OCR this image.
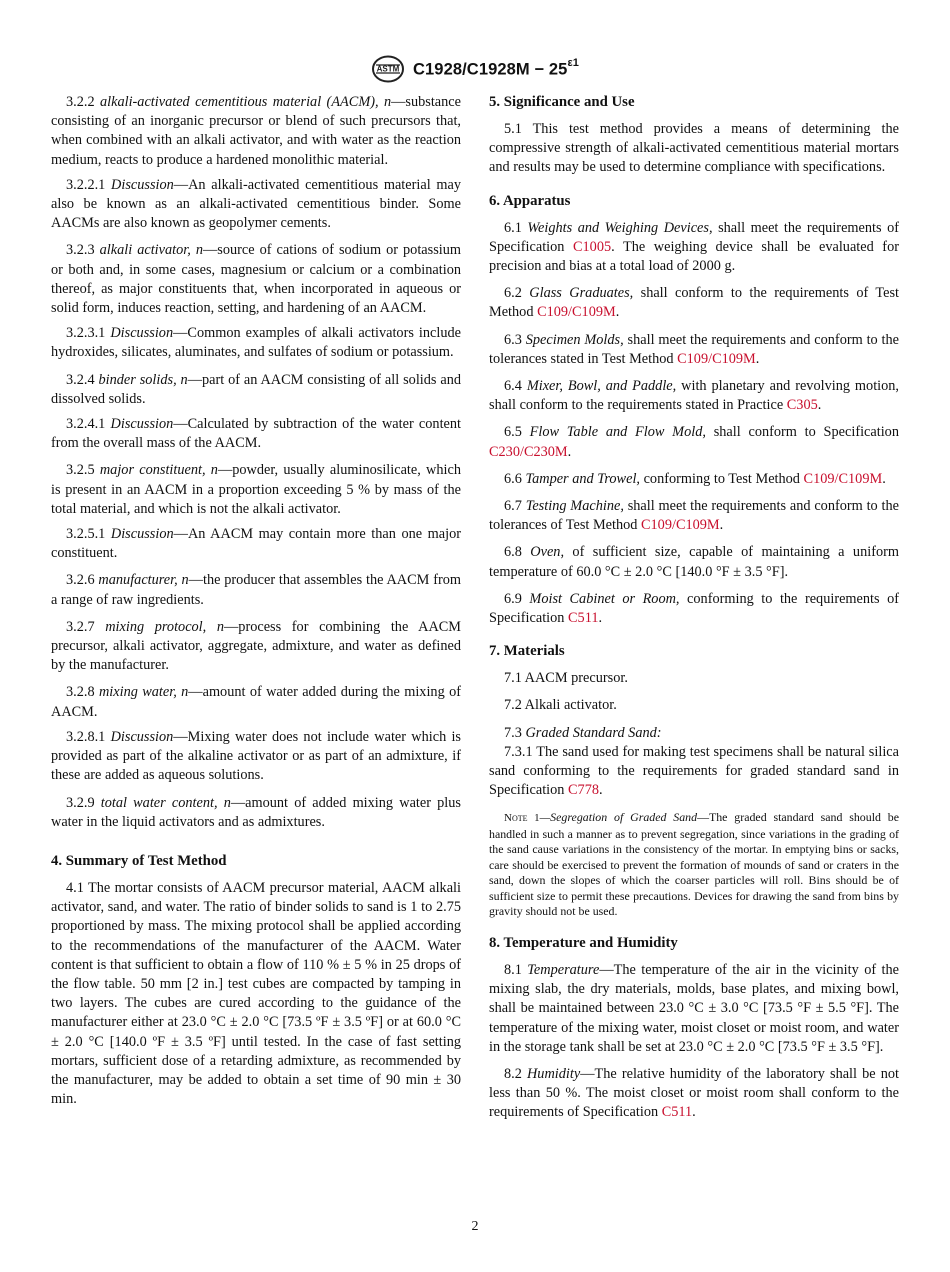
ASTM $C1928/C1928M - 25^{\varepsilon 1}$

3.2.2 alkali-activated cementitious material (AACM), n—substance consisting of an inorganic precursor or blend of such precursors that, when combined with an alkali activator, and with water as the reaction medium, reacts to produce a hardened monolithic material.

3.2.2.1 Discussion—An alkali-activated cementitious material may also be known as an alkali-activated cementitious binder. Some AACMs are also known as geopolymer cements.

3.2.3 alkali activator, n—source of cations of sodium or potassium or both and, in some cases, magnesium or calcium or a combination thereof, as major constituents that, when incorporated in aqueous or solid form, induces reaction, setting, and hardening of an AACM.

3.2.3.1 Discussion—Common examples of alkali activators include hydroxides, silicates, aluminates, and sulfates of sodium or potassium.

3.2.4 binder solids, n—part of an AACM consisting of all solids and dissolved solids.

3.2.4.1 Discussion—Calculated by subtraction of the water content from the overall mass of the AACM.

3.2.5 major constituent, n—powder, usually aluminosilicate, which is present in an AACM in a proportion exceeding 5 % by mass of the total material, and which is not the alkali activator.

3.2.5.1 Discussion—An AACM may contain more than one major constituent.

3.2.6 manufacturer, n—the producer that assembles the AACM from a range of raw ingredients.

3.2.7 mixing protocol, n—process for combining the AACM precursor, alkali activator, aggregate, admixture, and water as defined by the manufacturer.

3.2.8 mixing water, n—amount of water added during the mixing of AACM.

3.2.8.1 Discussion—Mixing water does not include water which is provided as part of the alkaline activator or as part of an admixture, if these are added as aqueous solutions.

3.2.9 total water content, n—amount of added mixing water plus water in the liquid activators and as admixtures.

4. Summary of Test Method

4.1 The mortar consists of AACM precursor material, AACM alkali activator, sand, and water. The ratio of binder solids to sand is 1 to 2.75 proportioned by mass. The mixing protocol shall be applied according to the recommendations of the manufacturer of the AACM. Water content is that sufficient to obtain a flow of 110 % ± 5 % in 25 drops of the flow table. 50 mm [2 in.] test cubes are compacted by tamping in two layers. The cubes are cured according to the guidance of the manufacturer either at 23.0 °C ± 2.0 °C [73.5 ºF ± 3.5 ºF] or at 60.0 °C ± 2.0 °C [140.0 ºF ± 3.5 ºF] until tested. In the case of fast setting mortars, sufficient dose of a retarding admixture, as recommended by the manufacturer, may be added to obtain a set time of 90 min ± 30 min.

5. Significance and Use

5.1 This test method provides a means of determining the compressive strength of alkali-activated cementitious material mortars and results may be used to determine compliance with specifications.

6. Apparatus

6.1 Weights and Weighing Devices, shall meet the requirements of Specification C1005. The weighing device shall be evaluated for precision and bias at a total load of 2000 g.

6.2 Glass Graduates, shall conform to the requirements of Test Method C109/C109M.

6.3 Specimen Molds, shall meet the requirements and conform to the tolerances stated in Test Method C109/C109M.

6.4 Mixer, Bowl, and Paddle, with planetary and revolving motion, shall conform to the requirements stated in Practice C305.

6.5 Flow Table and Flow Mold, shall conform to Specification C230/C230M.

6.6 Tamper and Trowel, conforming to Test Method C109/C109M.

6.7 Testing Machine, shall meet the requirements and conform to the tolerances of Test Method C109/C109M.

6.8 Oven, of sufficient size, capable of maintaining a uniform temperature of 60.0 °C ± 2.0 °C [140.0 °F ± 3.5 °F].

6.9 Moist Cabinet or Room, conforming to the requirements of Specification C511.

7. Materials

7.1 AACM precursor.

7.2 Alkali activator.

7.3 Graded Standard Sand:

7.3.1 The sand used for making test specimens shall be natural silica sand conforming to the requirements for graded standard sand in Specification C778.

Note 1—Segregation of Graded Sand—The graded standard sand should be handled in such a manner as to prevent segregation, since variations in the grading of the sand cause variations in the consistency of the mortar. In emptying bins or sacks, care should be exercised to prevent the formation of mounds of sand or craters in the sand, down the slopes of which the coarser particles will roll. Bins should be of sufficient size to permit these precautions. Devices for drawing the sand from bins by gravity should not be used.

8. Temperature and Humidity

8.1 Temperature—The temperature of the air in the vicinity of the mixing slab, the dry materials, molds, base plates, and mixing bowl, shall be maintained between 23.0 °C ± 3.0 °C [73.5 °F ± 5.5 °F]. The temperature of the mixing water, moist closet or moist room, and water in the storage tank shall be set at 23.0 °C ± 2.0 °C [73.5 °F ± 3.5 °F].

8.2 Humidity—The relative humidity of the laboratory shall be not less than 50 %. The moist closet or moist room shall conform to the requirements of Specification C511.

2
